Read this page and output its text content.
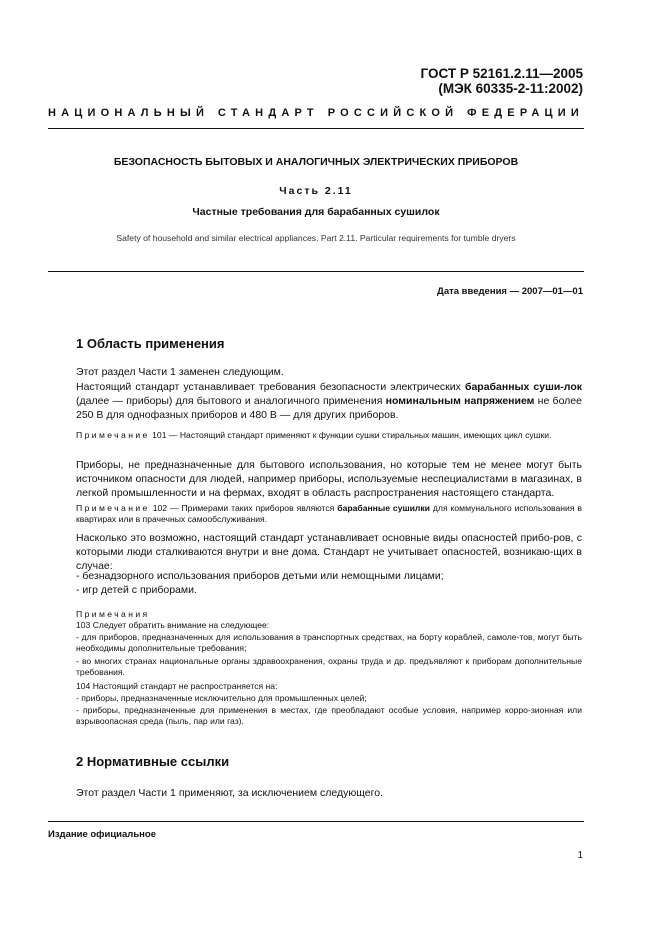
ГОСТ Р 52161.2.11—2005
(МЭК 60335-2-11:2002)
НАЦИОНАЛЬНЫЙ СТАНДАРТ РОССИЙСКОЙ ФЕДЕРАЦИИ
БЕЗОПАСНОСТЬ БЫТОВЫХ И АНАЛОГИЧНЫХ ЭЛЕКТРИЧЕСКИХ ПРИБОРОВ
Часть 2.11
Частные требования для барабанных сушилок
Safety of household and similar electrical appliances. Part 2.11. Particular requirements for tumble dryers
Дата введения — 2007—01—01
1 Область применения
Этот раздел Части 1 заменен следующим.
Настоящий стандарт устанавливает требования безопасности электрических барабанных суши-лок (далее — приборы) для бытового и аналогичного применения номинальным напряжением не более 250 В для однофазных приборов и 480 В — для других приборов.
Примечание 101 — Настоящий стандарт применяют к функции сушки стиральных машин, имеющих цикл сушки.
Приборы, не предназначенные для бытового использования, но которые тем не менее могут быть источником опасности для людей, например приборы, используемые неспециалистами в магазинах, в легкой промышленности и на фермах, входят в область распространения настоящего стандарта.
Примечание 102 — Примерами таких приборов являются барабанные сушилки для коммунального использования в квартирах или в прачечных самообслуживания.
Насколько это возможно, настоящий стандарт устанавливает основные виды опасностей прибо-ров, с которыми люди сталкиваются внутри и вне дома. Стандарт не учитывает опасностей, возникаю-щих в случае:
- безнадзорного использования приборов детьми или немощными лицами;
- игр детей с приборами.
Примечания
103 Следует обратить внимание на следующее:
- для приборов, предназначенных для использования в транспортных средствах, на борту кораблей, самоле-тов, могут быть необходимы дополнительные требования;
- во многих странах национальные органы здравоохранения, охраны труда и др. предъявляют к приборам дополнительные требования.
104 Настоящий стандарт не распространяется на:
- приборы, предназначенные исключительно для промышленных целей;
- приборы, предназначенные для применения в местах, где преобладают особые условия, например корро-зионная или взрывоопасная среда (пыль, пар или газ).
2 Нормативные ссылки
Этот раздел Части 1 применяют, за исключением следующего.
Издание официальное
1
